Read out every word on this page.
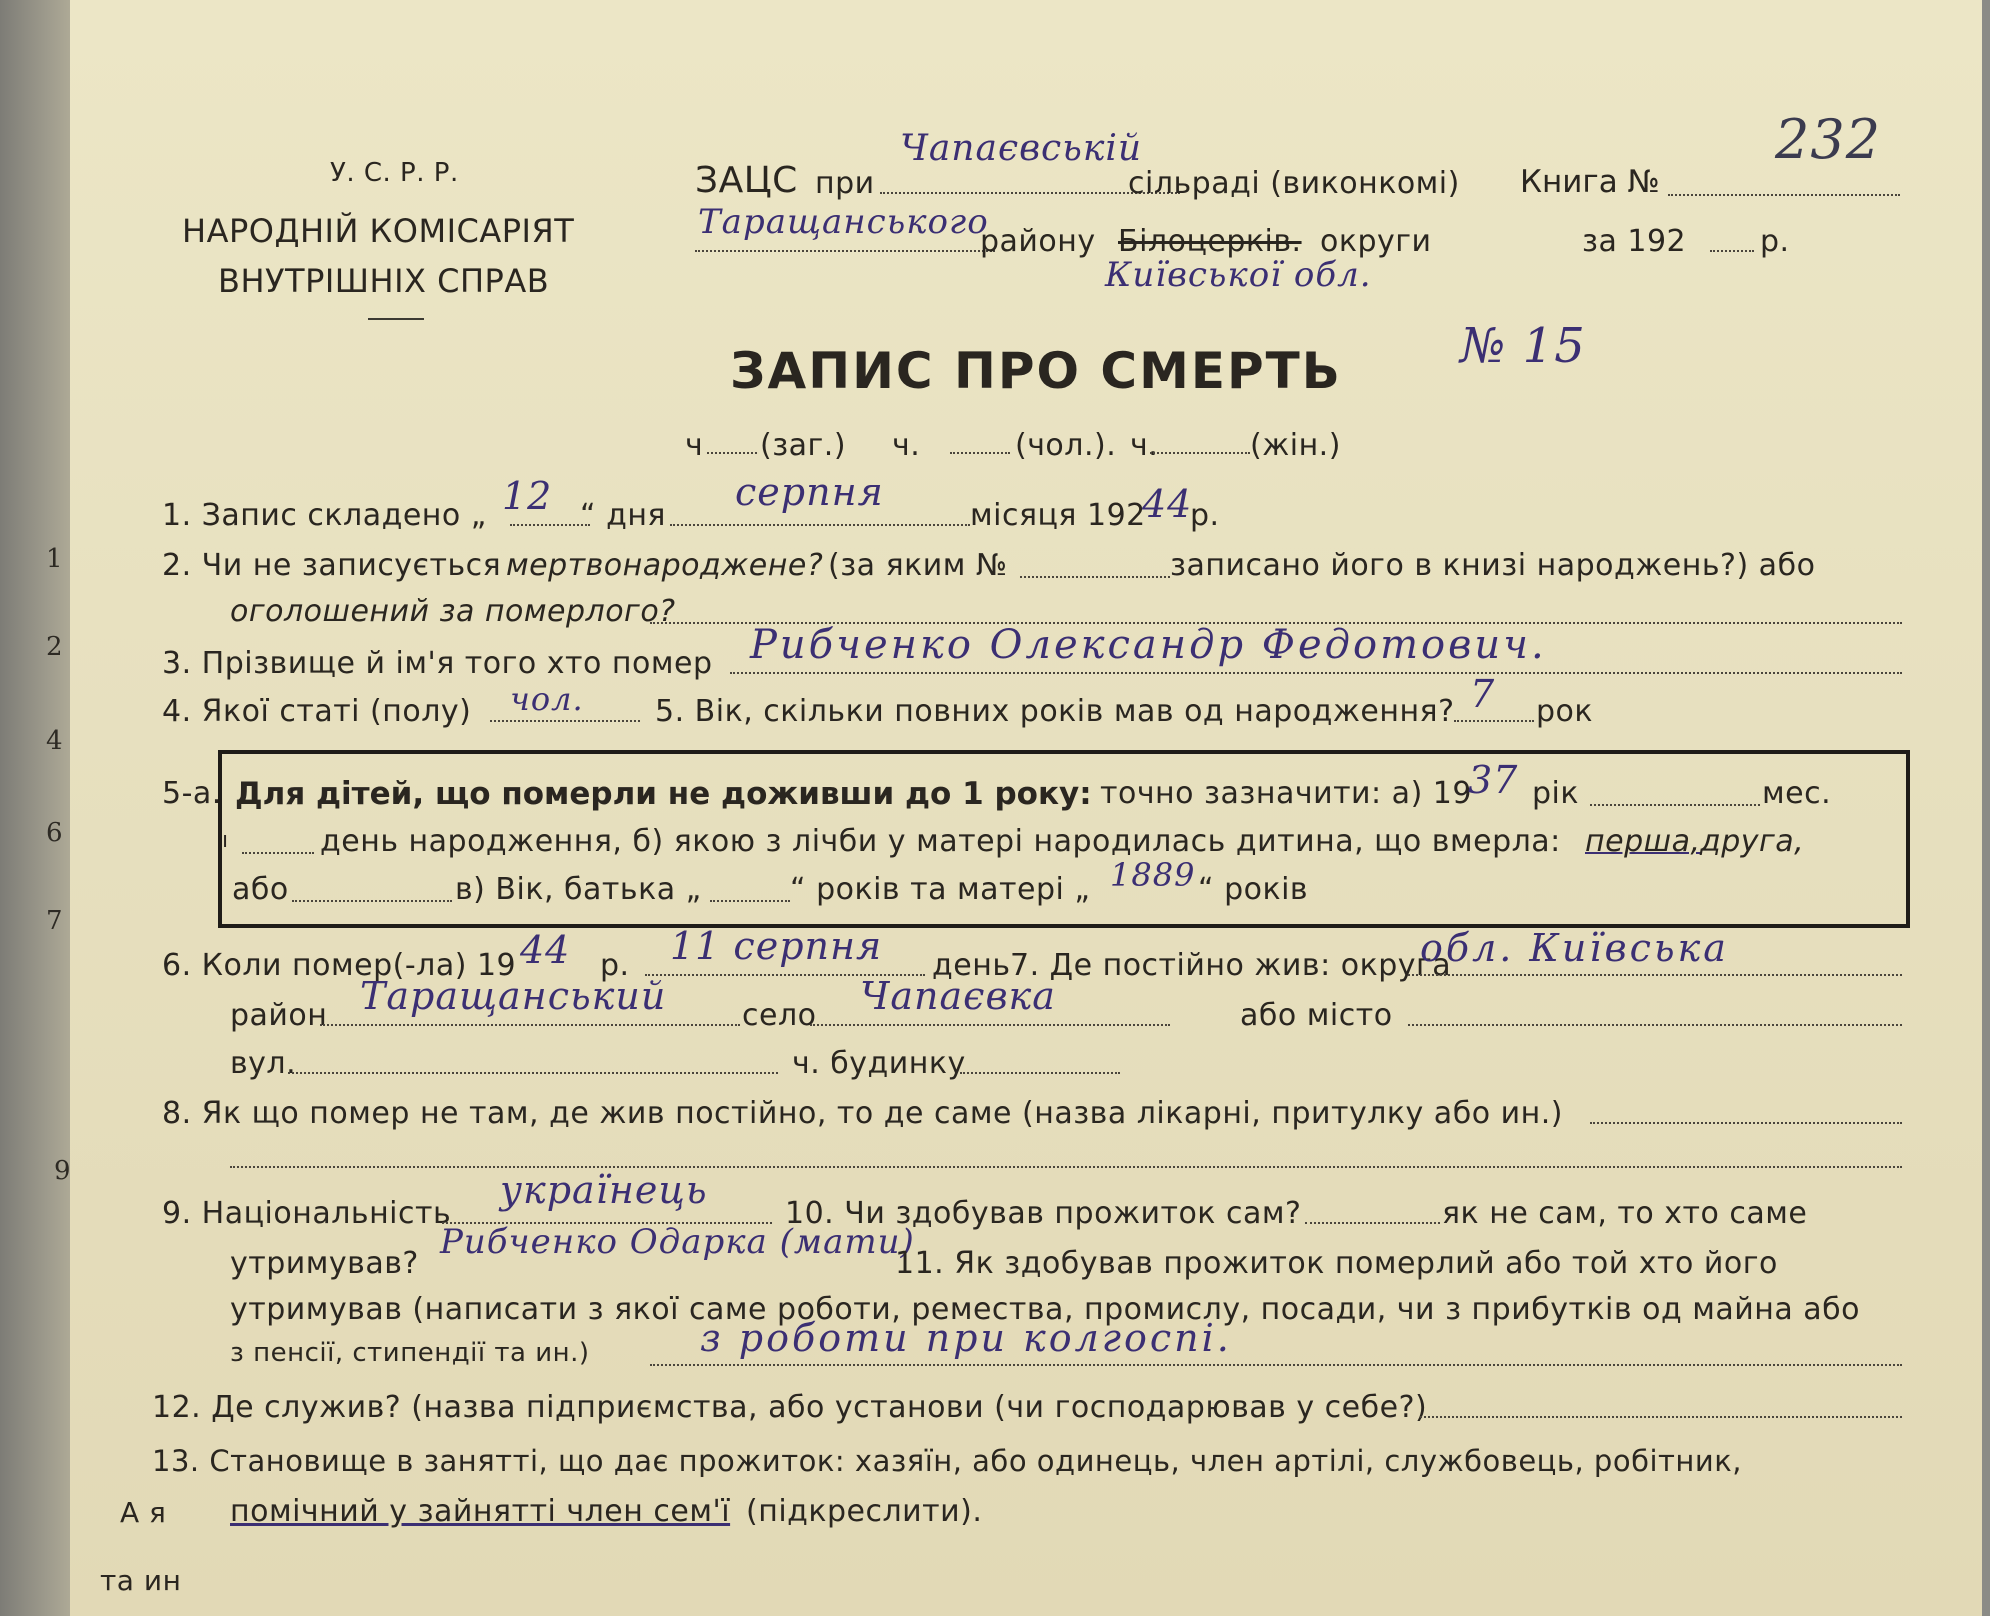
У. С. Р. Р.
НАРОДНІЙ КОМІСАРІЯТ
ВНУТРІШНІХ СПРАВ
ЗАЦС при
Чапаєвській
сільраді (виконкомі)
Таращанського
району Білоцерків. округи
Київської обл.
232
Книга №
за 192 р.
ЗАПИС ПРО СМЕРТЬ № 15
ч (заг.) ч.	(чол.). ч.	(жін.)
1. Запис складено „ 12 “ дня
серпня
місяця 192
44
р.
2. Чи не записується мертвонароджене? (за яким №	записано його в книзі народжень?) або
оголошений за померлого?
3. Прізвище й ім'я того хто помер Рибченко Олександр Федотович.
4. Якої статі (полу) чол. 5. Вік, скільки повних років мав од народження? 7 рок
5-а. Для дітей, що померли не доживши до 1 року: точно зазначити: а) 19
37 рік	мес.
ı	день народження, б) якою з лічби у матері народилась дитина, що вмерла: перша, друга,
або	в) Вік, батька „	“ років та матері „ 1889 “ років
6. Коли помер(-ла) 19 44 р. 11 серпня день 7. Де постійно жив: округа
обл. Київська
район Таращанський	село Чапаєвка	або місто
вул.	ч. будинку
8. Як що помер не там, де жив постійно, то де саме (назва лікарні, притулку або ин.)
9. Національність
українець
10. Чи здобував прожиток сам?	як не сам, то хто саме
утримував?
Рибченко Одарка (мати)
11. Як здобував прожиток померлий або той хто його
утримував (написати з якої саме роботи, ремества, промислу, посади, чи з прибутків од майна або
з пенсії, стипендії та ин.)	з роботи при колгоспі.
12. Де служив? (назва підприємства, або установи (чи господарював у себе?)
13. Становище в занятті, що дає прожиток: хазяїн, або одинець, член артілі, службовець, робітник,
помічний у зайнятті член сем'ї (підкреслити).
А я
та ин
1
2
4
6
7
9
